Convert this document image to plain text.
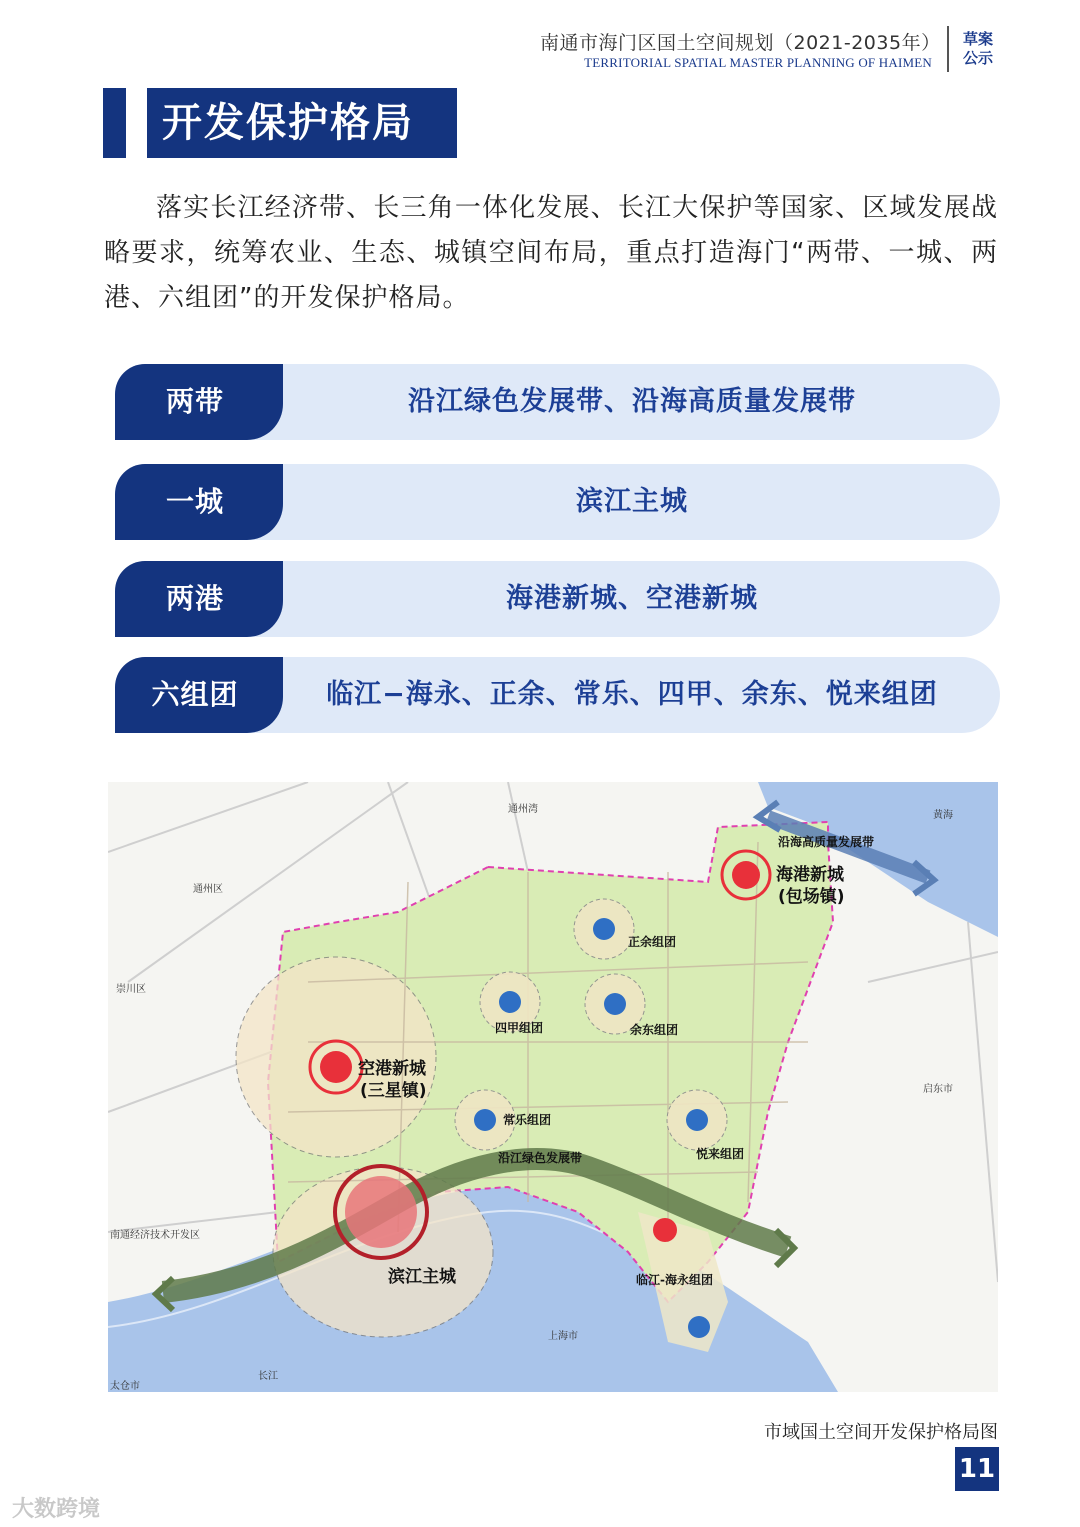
南通市海门区国土空间规划（2021-2035年）
TERRITORIAL SPATIAL MASTER PLANNING OF HAIMEN
草案公示
开发保护格局
落实长江经济带、长三角一体化发展、长江大保护等国家、区域发展战略要求，统筹农业、生态、城镇空间布局，重点打造海门“两带、一城、两港、六组团”的开发保护格局。
两带	沿江绿色发展带、沿海高质量发展带
一城	滨江主城
两港	海港新城、空港新城
六组团	临江−海永、正余、常乐、四甲、余东、悦来组团
通州湾
通州区
崇川区
启东市
上海市
长江
太仓市
黄海
南通经济技术开发区
沿海高质量发展带
沿江绿色发展带
正余组团
四甲组团	余东组团
常乐组团
悦来组团
临江-海永组团
海港新城
(包场镇)
空港新城
(三星镇)
滨江主城
市域国土空间开发保护格局图
11
大数跨境
